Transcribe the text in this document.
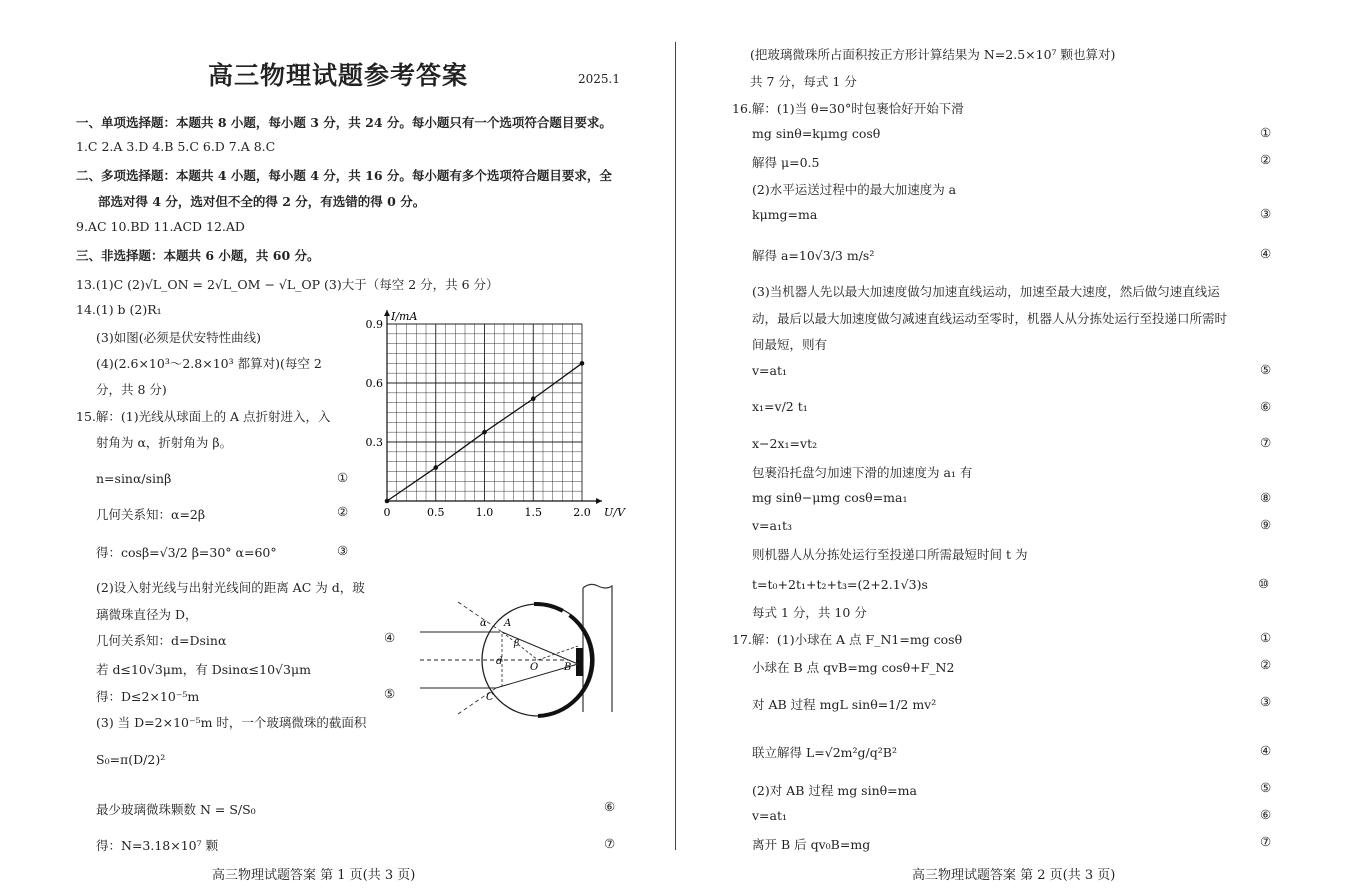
高三物理试题参考答案	2025.1
一、单项选择题：本题共 8 小题，每小题 3 分，共 24 分。每小题只有一个选项符合题目要求。
1.C 2.A 3.D 4.B 5.C 6.D 7.A 8.C
二、多项选择题：本题共 4 小题，每小题 4 分，共 16 分。每小题有多个选项符合题目要求，全
部选对得 4 分，选对但不全的得 2 分，有选错的得 0 分。
9.AC 10.BD 11.ACD 12.AD
三、非选择题：本题共 6 小题，共 60 分。
13.(1)C (2)√L_ON = 2√L_OM − √L_OP (3)大于（每空 2 分，共 6 分）
14.(1) b (2)R₁
(3)如图(必须是伏安特性曲线)
(4)(2.6×10³～2.8×10³ 都算对)(每空 2
分，共 8 分)
15.解：(1)光线从球面上的 A 点折射进入，入
射角为 α，折射角为 β。
n=sinα/sinβ	①
几何关系知：α=2β	②
得：cosβ=√3/2 β=30° α=60°	③
(2)设入射光线与出射光线间的距离 AC 为 d，玻
璃微珠直径为 D，
几何关系知：d=Dsinα	④
若 d≤10√3μm，有 Dsinα≤10√3μm
得：D≤2×10⁻⁵m	⑤
(3) 当 D=2×10⁻⁵m 时，一个玻璃微珠的截面积
S₀=π(D/2)²
最少玻璃微珠颗数 N = S/S₀	⑥
得：N=3.18×10⁷ 颗	⑦
0	0.5	1.0	1.5	2.0
0.3
0.6
0.9
U/V
I/mA
α A
β
d
O	B
C
高三物理试题答案 第 1 页(共 3 页)
(把玻璃微珠所占面积按正方形计算结果为 N=2.5×10⁷ 颗也算对)
共 7 分，每式 1 分
16.解：(1)当 θ=30°时包裹恰好开始下滑
mg sinθ=kμmg cosθ	①
解得 μ=0.5	②
(2)水平运送过程中的最大加速度为 a
kμmg=ma	③
解得 a=10√3/3 m/s²	④
(3)当机器人先以最大加速度做匀加速直线运动，加速至最大速度，然后做匀速直线运
动，最后以最大加速度做匀减速直线运动至零时，机器人从分拣处运行至投递口所需时
间最短，则有
v=at₁	⑤
x₁=v/2 t₁	⑥
x−2x₁=vt₂	⑦
包裹沿托盘匀加速下滑的加速度为 a₁ 有
mg sinθ−μmg cosθ=ma₁	⑧
v=a₁t₃	⑨
则机器人从分拣处运行至投递口所需最短时间 t 为
t=t₀+2t₁+t₂+t₃=(2+2.1√3)s	⑩
每式 1 分，共 10 分
17.解：(1)小球在 A 点 F_N1=mg cosθ	①
小球在 B 点 qvB=mg cosθ+F_N2	②
对 AB 过程 mgL sinθ=1/2 mv²	③
联立解得 L=√2m²g/q²B²	④
(2)对 AB 过程 mg sinθ=ma	⑤
v=at₁	⑥
离开 B 后 qv₀B=mg	⑦
高三物理试题答案 第 2 页(共 3 页)
